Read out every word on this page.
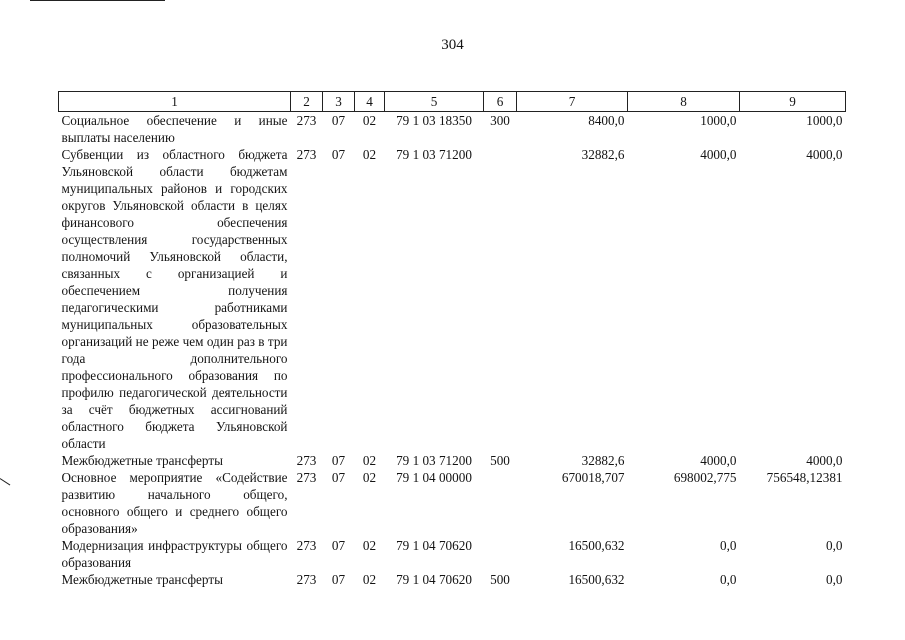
304
1	2	3	4	5	6	7	8	9
Социальное обеспечение и иные выплаты населению	273	07	02	79 1 03 18350	300	8400,0	1000,0	1000,0
Субвенции из областного бюджета Ульяновской области бюджетам муниципальных районов и городских округов Ульяновской области в целях финансового обеспечения осуществления государственных полномочий Ульяновской области, связанных с организацией и обеспечением получения педагогическими работниками муниципальных образовательных организаций не реже чем один раз в три года дополнительного профессионального образования по профилю педагогической деятельности за счёт бюджетных ассигнований областного бюджета Ульяновской области	273	07	02	79 1 03 71200		32882,6	4000,0	4000,0
Межбюджетные трансферты	273	07	02	79 1 03 71200	500	32882,6	4000,0	4000,0
Основное мероприятие «Содействие развитию начального общего, основного общего и среднего общего образования»	273	07	02	79 1 04 00000		670018,707	698002,775	756548,12381
Модернизация инфраструктуры общего образования	273	07	02	79 1 04 70620		16500,632	0,0	0,0
Межбюджетные трансферты	273	07	02	79 1 04 70620	500	16500,632	0,0	0,0
